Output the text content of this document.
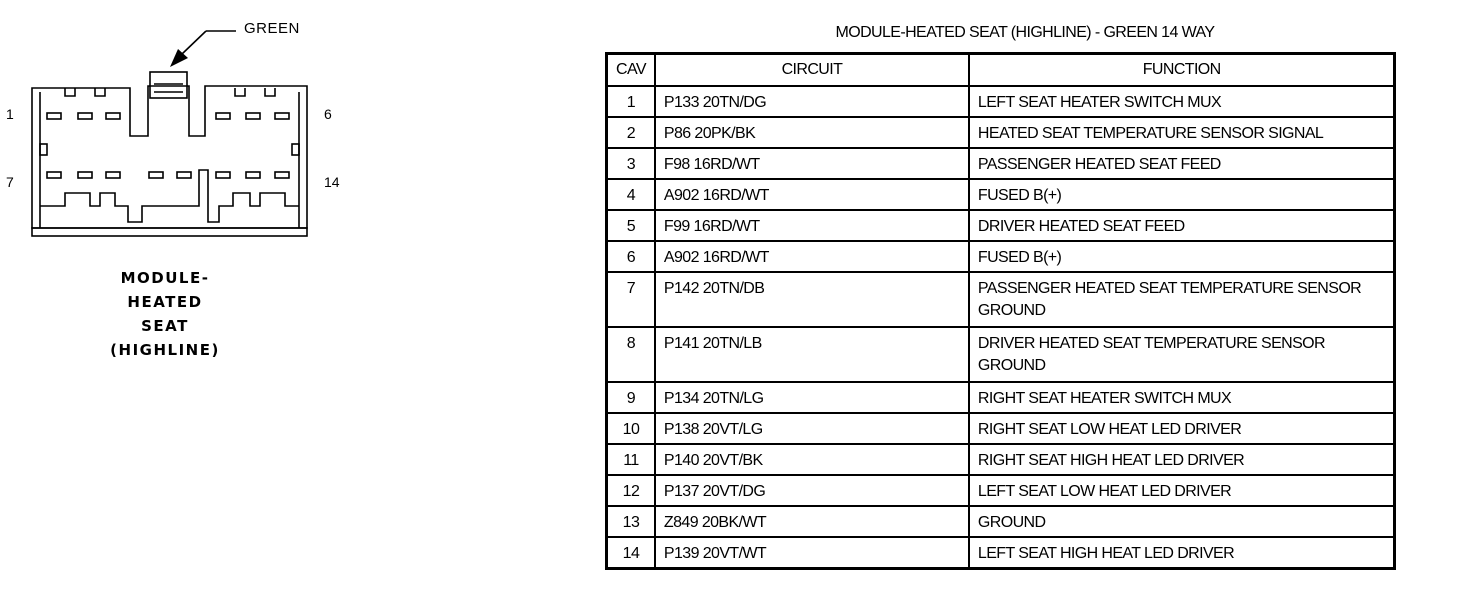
GREEN
1	6
7	14
MODULE-
HEATED
SEAT
(HIGHLINE)
MODULE-HEATED SEAT (HIGHLINE) - GREEN 14 WAY
CAV	CIRCUIT	FUNCTION
1	P133 20TN/DG	LEFT SEAT HEATER SWITCH MUX
2	P86 20PK/BK	HEATED SEAT TEMPERATURE SENSOR SIGNAL
3	F98 16RD/WT	PASSENGER HEATED SEAT FEED
4	A902 16RD/WT	FUSED B(+)
5	F99 16RD/WT	DRIVER HEATED SEAT FEED
6	A902 16RD/WT	FUSED B(+)
7	P142 20TN/DB	PASSENGER HEATED SEAT TEMPERATURE SENSOR GROUND
8	P141 20TN/LB	DRIVER HEATED SEAT TEMPERATURE SENSOR GROUND
9	P134 20TN/LG	RIGHT SEAT HEATER SWITCH MUX
10	P138 20VT/LG	RIGHT SEAT LOW HEAT LED DRIVER
11	P140 20VT/BK	RIGHT SEAT HIGH HEAT LED DRIVER
12	P137 20VT/DG	LEFT SEAT LOW HEAT LED DRIVER
13	Z849 20BK/WT	GROUND
14	P139 20VT/WT	LEFT SEAT HIGH HEAT LED DRIVER
